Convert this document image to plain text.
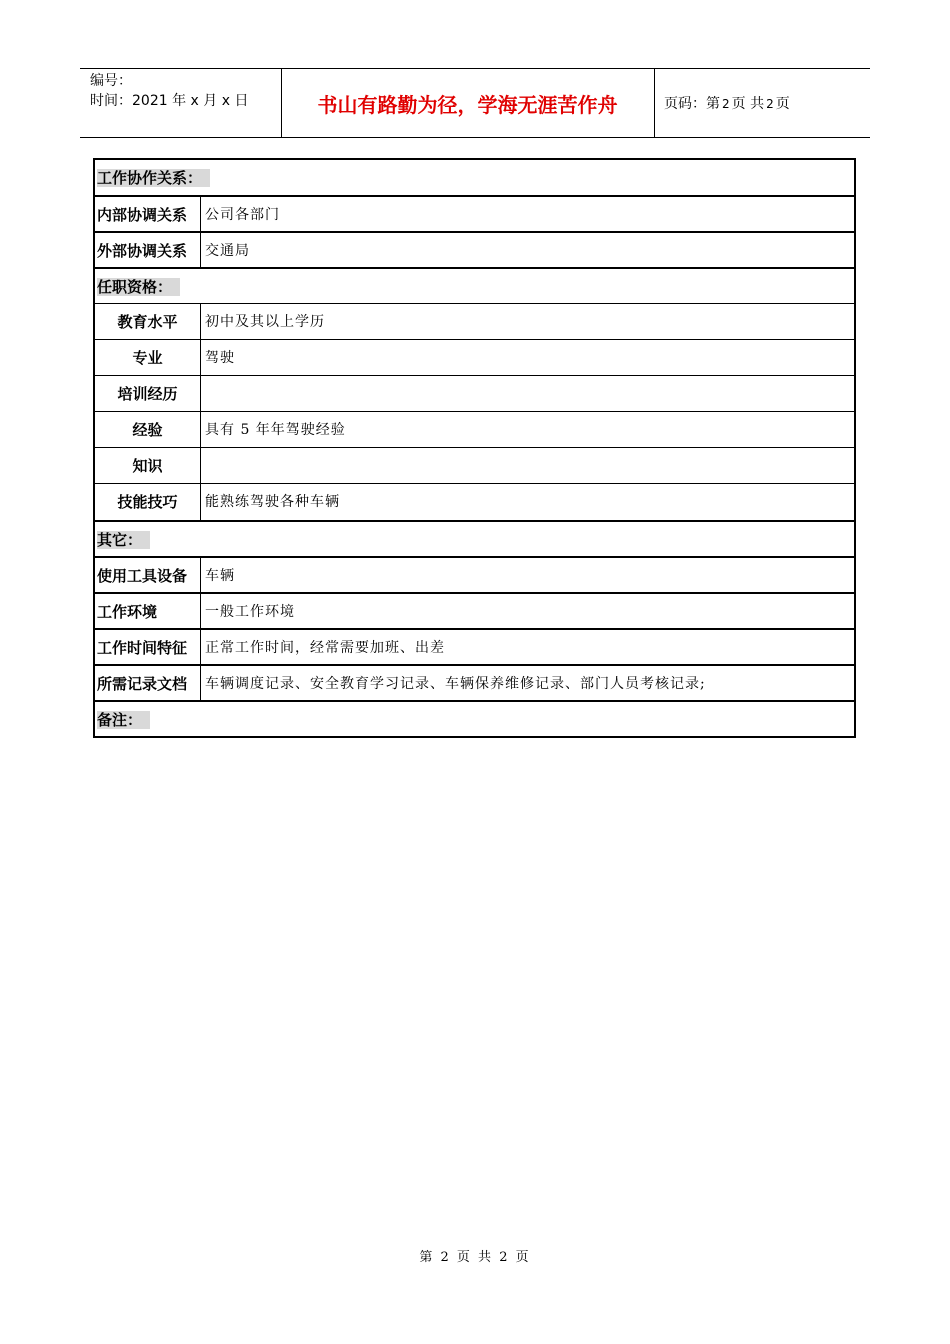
编号：
时间：2021 年 x 月 x 日	书山有路勤为径，学海无涯苦作舟	页码：第 2 页 共 2 页
工作协作关系：
内部协调关系	公司各部门
外部协调关系	交通局
任职资格：
教育水平	初中及其以上学历
专业	驾驶
培训经历
经验	具有 5 年年驾驶经验
知识
技能技巧	能熟练驾驶各种车辆
其它：
使用工具设备	车辆
工作环境	一般工作环境
工作时间特征	正常工作时间，经常需要加班、出差
所需记录文档	车辆调度记录、安全教育学习记录、车辆保养维修记录、部门人员考核记录;
备注：
第 2 页 共 2 页
